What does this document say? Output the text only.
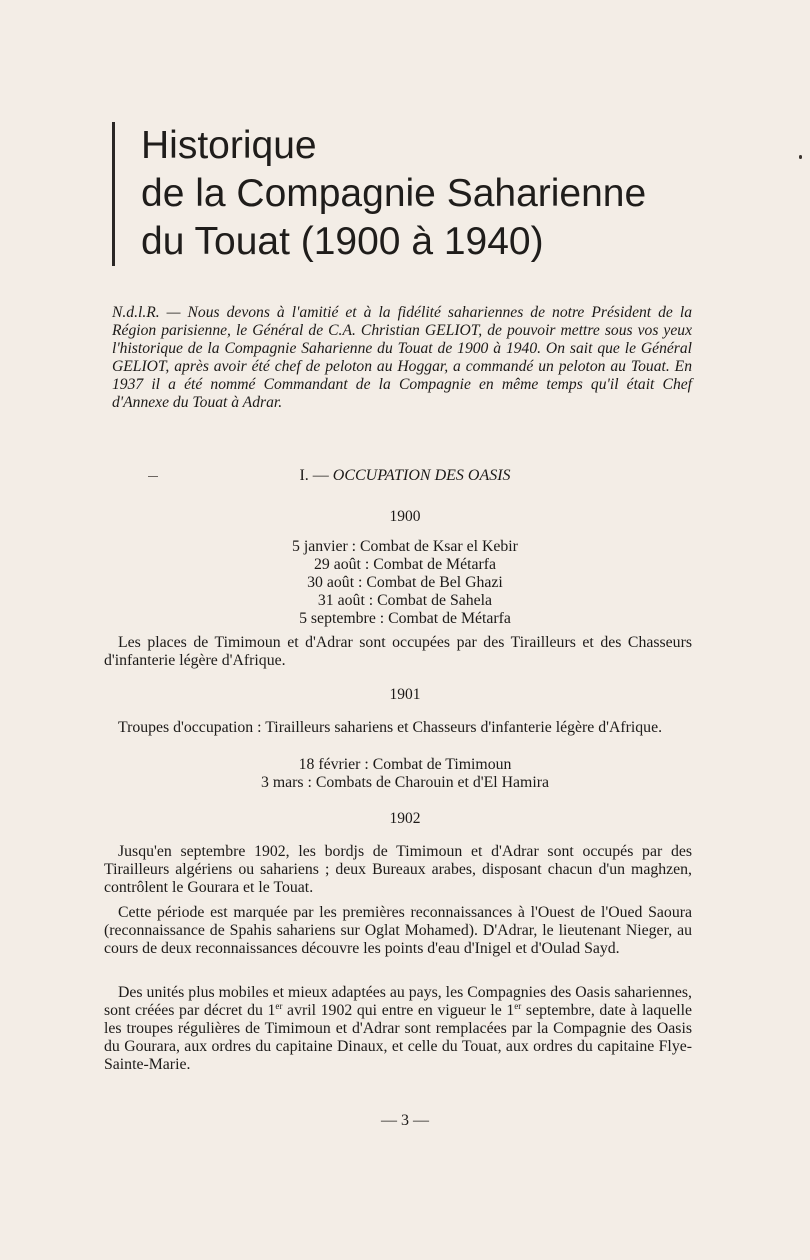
Historique
de la Compagnie Saharienne
du Touat (1900 à 1940)
N.d.l.R. — Nous devons à l'amitié et à la fidélité sahariennes de notre Président de la Région parisienne, le Général de C.A. Christian GELIOT, de pouvoir mettre sous vos yeux l'historique de la Compagnie Saharienne du Touat de 1900 à 1940. On sait que le Général GELIOT, après avoir été chef de peloton au Hoggar, a commandé un peloton au Touat. En 1937 il a été nommé Commandant de la Compagnie en même temps qu'il était Chef d'Annexe du Touat à Adrar.
I. — OCCUPATION DES OASIS
1900
5 janvier : Combat de Ksar el Kebir
29 août : Combat de Métarfa
30 août : Combat de Bel Ghazi
31 août : Combat de Sahela
5 septembre : Combat de Métarfa
Les places de Timimoun et d'Adrar sont occupées par des Tirailleurs et des Chasseurs d'infanterie légère d'Afrique.
1901
Troupes d'occupation : Tirailleurs sahariens et Chasseurs d'infanterie légère d'Afrique.
18 février : Combat de Timimoun
3 mars : Combats de Charouin et d'El Hamira
1902
Jusqu'en septembre 1902, les bordjs de Timimoun et d'Adrar sont occupés par des Tirailleurs algériens ou sahariens ; deux Bureaux arabes, disposant chacun d'un maghzen, contrôlent le Gourara et le Touat.
Cette période est marquée par les premières reconnaissances à l'Ouest de l'Oued Saoura (reconnaissance de Spahis sahariens sur Oglat Mohamed). D'Adrar, le lieutenant Nieger, au cours de deux reconnaissances découvre les points d'eau d'Inigel et d'Oulad Sayd.
Des unités plus mobiles et mieux adaptées au pays, les Compagnies des Oasis sahariennes, sont créées par décret du 1er avril 1902 qui entre en vigueur le 1er septembre, date à laquelle les troupes régulières de Timimoun et d'Adrar sont remplacées par la Compagnie des Oasis du Gourara, aux ordres du capitaine Dinaux, et celle du Touat, aux ordres du capitaine Flye-Sainte-Marie.
— 3 —
